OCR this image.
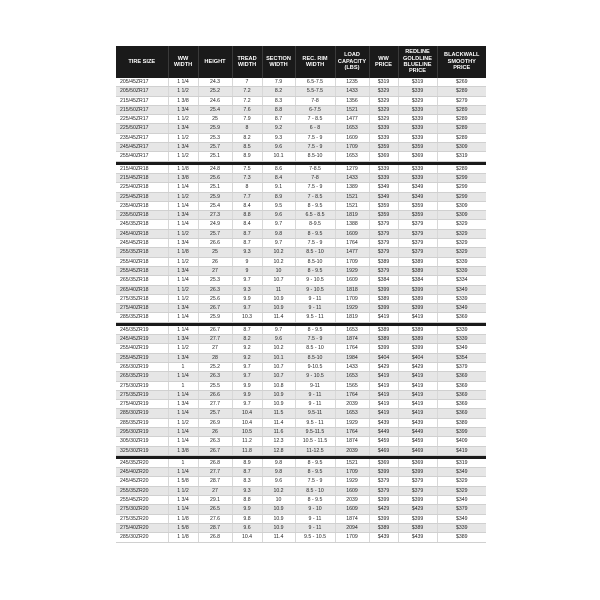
TIRE SIZE	WW WIDTH	HEIGHT	TREAD WIDTH	SECTION WIDTH	REC. RIM WIDTH	LOAD CAPACITY (LBS)	WW PRICE	REDLINE GOLDLINE BLUELINE PRICE	BLACKWALL SMOOTHY PRICE
205/45ZR17	1 1/4	24.3	7	7.9	6.5-7.5	1235	$319	$319	$269
205/50ZR17	1 1/2	25.2	7.2	8.2	5.5-7.5	1433	$329	$339	$289
215/45ZR17	1 3/8	24.6	7.2	8.3	7-8	1356	$329	$329	$279
215/50ZR17	1 3/4	25.4	7.6	8.8	6-7.5	1521	$329	$339	$289
225/45ZR17	1 1/2	25	7.9	8.7	7 - 8.5	1477	$329	$339	$289
225/50ZR17	1 3/4	25.9	8	9.2	6 - 8	1653	$339	$339	$289
235/45ZR17	1 1/2	25.3	8.2	9.3	7.5 - 9	1609	$339	$339	$289
245/45ZR17	1 3/4	25.7	8.5	9.6	7.5 - 9	1709	$359	$359	$309
255/40ZR17	1 1/2	25.1	8.9	10.1	8.5-10	1653	$369	$369	$319

215/40ZR18	1 1/8	24.8	7.5	8.6	7-8.5	1279	$339	$339	$289
215/45ZR18	1 3/8	25.6	7.3	8.4	7-8	1433	$339	$339	$299
225/40ZR18	1 1/4	25.1	8	9.1	7.5 - 9	1389	$349	$349	$299
225/45ZR18	1 1/2	25.9	7.7	8.9	7 - 8.5	1521	$349	$349	$299
235/40ZR18	1 1/4	25.4	8.4	9.5	8 - 9.5	1521	$359	$359	$309
235/50ZR18	1 3/4	27.3	8.8	9.6	6.5 - 8.5	1819	$359	$359	$309
245/35ZR18	1 1/4	24.9	8.4	9.7	8-9.5	1388	$379	$379	$329
245/40ZR18	1 1/2	25.7	8.7	9.8	8 - 9.5	1609	$379	$379	$329
245/45ZR18	1 3/4	26.6	8.7	9.7	7.5 - 9	1764	$379	$379	$329
255/35ZR18	1 1/8	25	9.3	10.2	8.5 - 10	1477	$379	$379	$329
255/40ZR18	1 1/2	26	9	10.2	8.5-10	1709	$389	$389	$339
255/45ZR18	1 3/4	27	9	10	8 - 9.5	1929	$379	$389	$339
265/35ZR18	1 1/4	25.3	9.7	10.7	9 - 10.5	1609	$384	$384	$334
265/40ZR18	1 1/2	26.3	9.3	11	9 - 10.5	1818	$399	$399	$349
275/35ZR18	1 1/2	25.6	9.9	10.9	9 - 11	1709	$389	$389	$339
275/40ZR18	1 3/4	26.7	9.7	10.9	9 - 11	1929	$399	$399	$349
285/35ZR18	1 1/4	25.9	10.3	11.4	9.5 - 11	1819	$419	$419	$369

245/35ZR19	1 1/4	26.7	8.7	9.7	8 - 9.5	1653	$389	$389	$339
245/45ZR19	1 3/4	27.7	8.2	9.6	7.5 - 9	1874	$389	$389	$339
255/40ZR19	1 1/2	27	9.2	10.2	8.5 - 10	1764	$399	$399	$349
255/45ZR19	1 3/4	28	9.2	10.1	8.5-10	1984	$404	$404	$354
265/30ZR19	1	25.2	9.7	10.7	9-10.5	1433	$429	$429	$379
265/35ZR19	1 1/4	26.3	9.7	10.7	9 - 10.5	1653	$419	$419	$369
275/30ZR19	1	25.5	9.9	10.8	9-11	1565	$419	$419	$369
275/35ZR19	1 1/4	26.6	9.9	10.9	9 - 11	1764	$419	$419	$369
275/40ZR19	1 3/4	27.7	9.7	10.9	9 - 11	2039	$419	$419	$369
285/30ZR19	1 1/4	25.7	10.4	11.5	9.5-11	1653	$419	$419	$369
285/35ZR19	1 1/2	26.9	10.4	11.4	9.5 - 11	1929	$439	$439	$389
295/30ZR19	1 1/4	26	10.5	11.6	9.5-11.5	1764	$449	$449	$399
305/30ZR19	1 1/4	26.3	11.2	12.3	10.5 - 11.5	1874	$459	$459	$409
325/30ZR19	1 3/8	26.7	11.8	12.8	11-12.5	2039	$469	$469	$419

245/35ZR20	1	26.8	8.9	9.8	8 - 9.5	1521	$369	$369	$319
245/40ZR20	1 1/4	27.7	8.7	9.8	8 - 9.5	1709	$399	$399	$349
245/45ZR20	1 5/8	28.7	8.3	9.6	7.5 - 9	1929	$379	$379	$329
255/35ZR20	1 1/2	27	9.3	10.2	8.5 - 10	1609	$379	$379	$329
255/45ZR20	1 3/4	29.1	8.8	10	8 - 9.5	2039	$399	$399	$349
275/30ZR20	1 1/4	26.5	9.9	10.9	9 - 10	1609	$429	$429	$379
275/35ZR20	1 1/8	27.6	9.8	10.9	9 - 11	1874	$399	$399	$349
275/40ZR20	1 5/8	28.7	9.6	10.9	9 - 11	2094	$389	$389	$339
285/30ZR20	1 1/8	26.8	10.4	11.4	9.5 - 10.5	1709	$439	$439	$389
